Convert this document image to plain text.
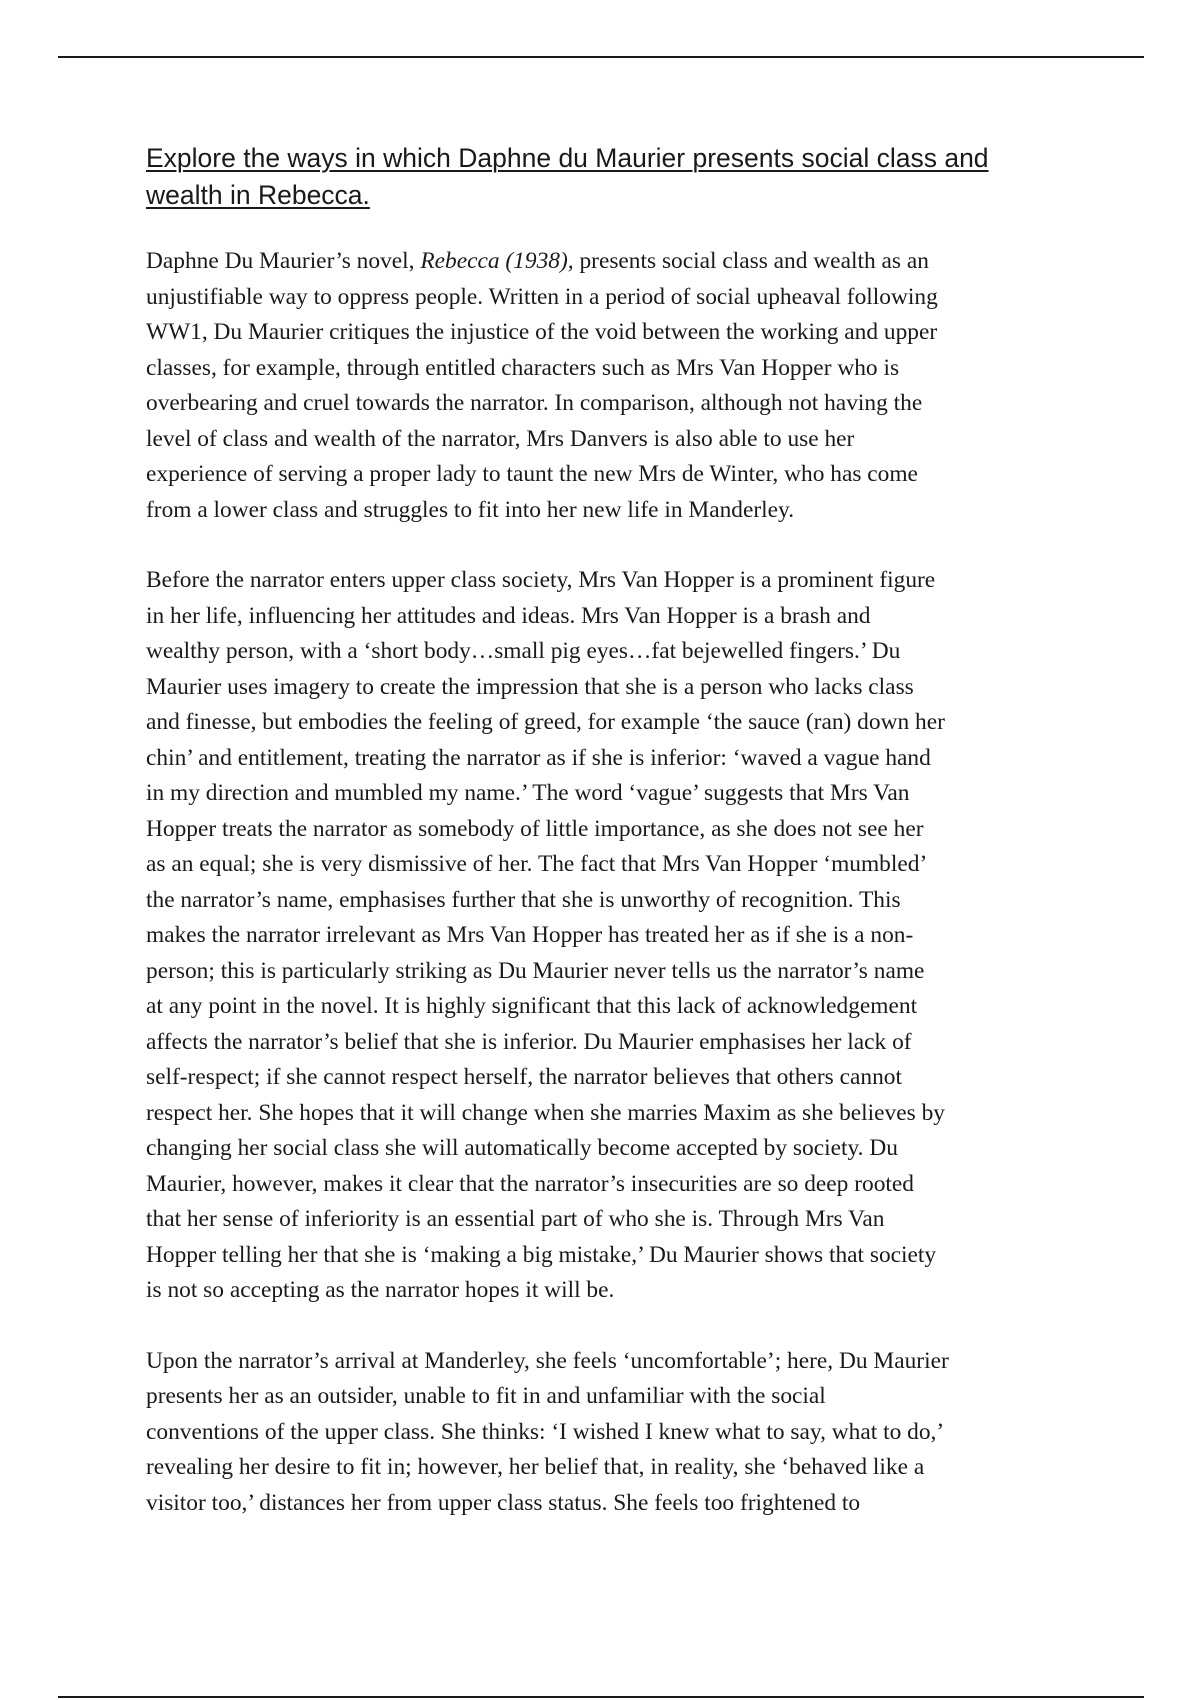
Explore the ways in which Daphne du Maurier presents social class and
wealth in Rebecca.

Daphne Du Maurier’s novel, Rebecca (1938), presents social class and wealth as an
unjustifiable way to oppress people. Written in a period of social upheaval following
WW1, Du Maurier critiques the injustice of the void between the working and upper
classes, for example, through entitled characters such as Mrs Van Hopper who is
overbearing and cruel towards the narrator. In comparison, although not having the
level of class and wealth of the narrator, Mrs Danvers is also able to use her
experience of serving a proper lady to taunt the new Mrs de Winter, who has come
from a lower class and struggles to fit into her new life in Manderley.

Before the narrator enters upper class society, Mrs Van Hopper is a prominent figure
in her life, influencing her attitudes and ideas. Mrs Van Hopper is a brash and
wealthy person, with a ‘short body…small pig eyes…fat bejewelled fingers.’ Du
Maurier uses imagery to create the impression that she is a person who lacks class
and finesse, but embodies the feeling of greed, for example ‘the sauce (ran) down her
chin’ and entitlement, treating the narrator as if she is inferior: ‘waved a vague hand
in my direction and mumbled my name.’ The word ‘vague’ suggests that Mrs Van
Hopper treats the narrator as somebody of little importance, as she does not see her
as an equal; she is very dismissive of her. The fact that Mrs Van Hopper ‘mumbled’
the narrator’s name, emphasises further that she is unworthy of recognition. This
makes the narrator irrelevant as Mrs Van Hopper has treated her as if she is a non-
person; this is particularly striking as Du Maurier never tells us the narrator’s name
at any point in the novel. It is highly significant that this lack of acknowledgement
affects the narrator’s belief that she is inferior. Du Maurier emphasises her lack of
self-respect; if she cannot respect herself, the narrator believes that others cannot
respect her. She hopes that it will change when she marries Maxim as she believes by
changing her social class she will automatically become accepted by society. Du
Maurier, however, makes it clear that the narrator’s insecurities are so deep rooted
that her sense of inferiority is an essential part of who she is. Through Mrs Van
Hopper telling her that she is ‘making a big mistake,’ Du Maurier shows that society
is not so accepting as the narrator hopes it will be.

Upon the narrator’s arrival at Manderley, she feels ‘uncomfortable’; here, Du Maurier
presents her as an outsider, unable to fit in and unfamiliar with the social
conventions of the upper class. She thinks: ‘I wished I knew what to say, what to do,’
revealing her desire to fit in; however, her belief that, in reality, she ‘behaved like a
visitor too,’ distances her from upper class status. She feels too frightened to
